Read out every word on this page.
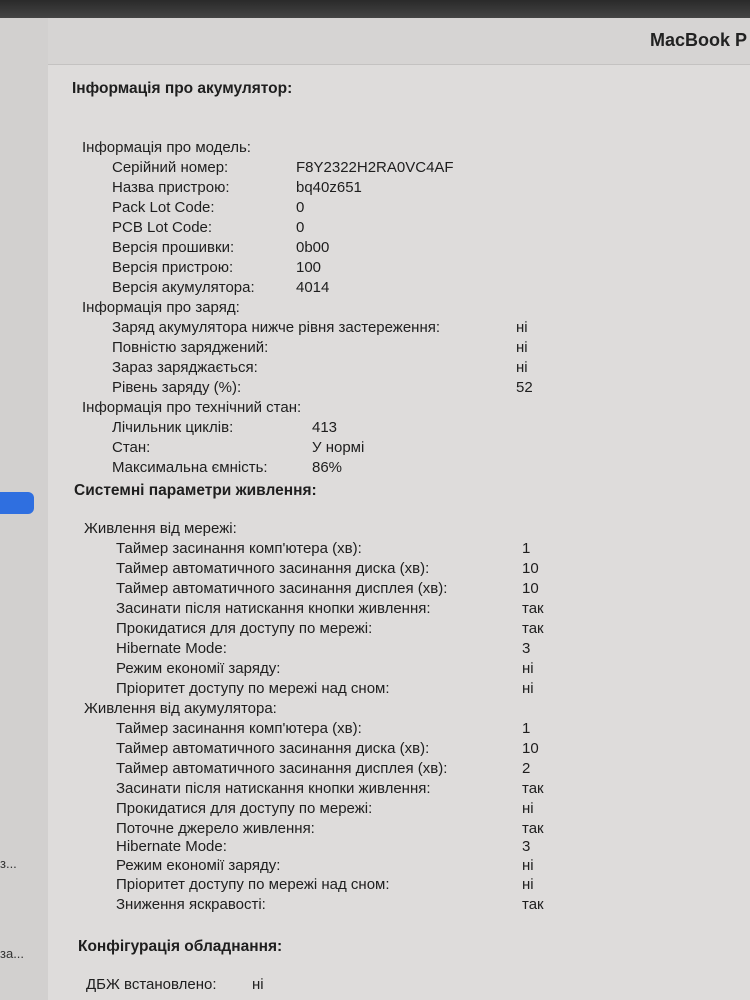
з...
за...
MacBook P
Інформація про акумулятор:
Інформація про модель:
Серійний номер:	F8Y2322H2RA0VC4AF
Назва пристрою:	bq40z651
Pack Lot Code:	0
PCB Lot Code:	0
Версія прошивки:	0b00
Версія пристрою:	100
Версія акумулятора:	4014
Інформація про заряд:
Заряд акумулятора нижче рівня застереження:	ні
Повністю заряджений:	ні
Зараз заряджається:	ні
Рівень заряду (%):	52
Інформація про технічний стан:
Лічильник циклів:	413
Стан:	У нормі
Максимальна ємність:	86%
Системні параметри живлення:
Живлення від мережі:
Таймер засинання комп'ютера (хв):	1
Таймер автоматичного засинання диска (хв):	10
Таймер автоматичного засинання дисплея (хв):	10
Засинати після натискання кнопки живлення:	так
Прокидатися для доступу по мережі:	так
Hibernate Mode:	3
Режим економії заряду:	ні
Пріоритет доступу по мережі над сном:	ні
Живлення від акумулятора:
Таймер засинання комп'ютера (хв):	1
Таймер автоматичного засинання диска (хв):	10
Таймер автоматичного засинання дисплея (хв):	2
Засинати після натискання кнопки живлення:	так
Прокидатися для доступу по мережі:	ні
Поточне джерело живлення:	так
Hibernate Mode:	3
Режим економії заряду:	ні
Пріоритет доступу по мережі над сном:	ні
Зниження яскравості:	так
Конфігурація обладнання:
ДБЖ встановлено: ні
